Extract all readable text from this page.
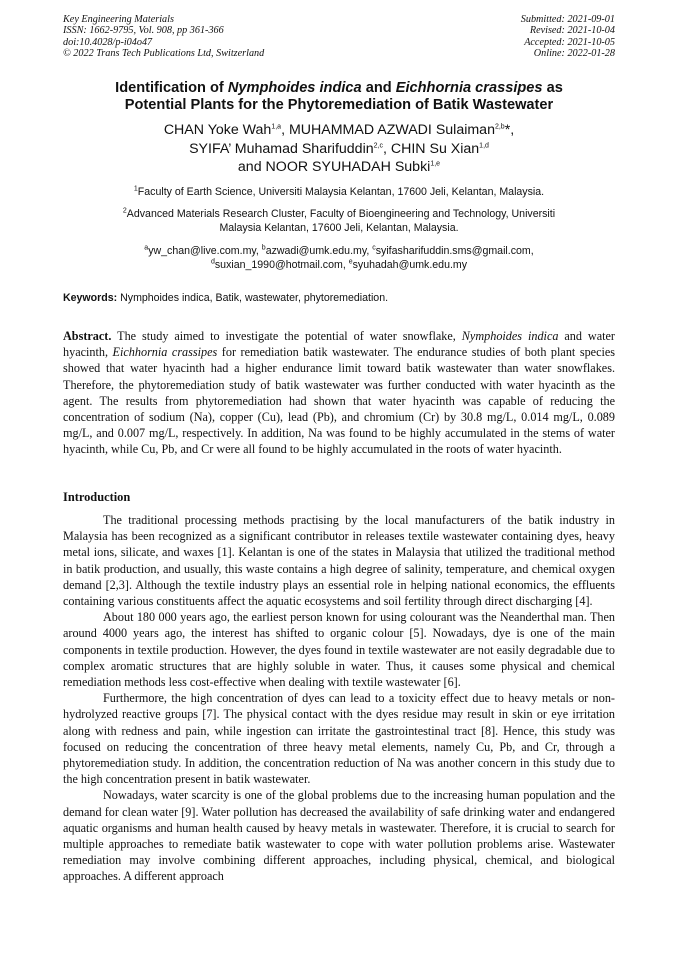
Key Engineering Materials
ISSN: 1662-9795, Vol. 908, pp 361-366
doi:10.4028/p-i04o47
© 2022 Trans Tech Publications Ltd, Switzerland
Submitted: 2021-09-01
Revised: 2021-10-04
Accepted: 2021-10-05
Online: 2022-01-28
Identification of Nymphoides indica and Eichhornia crassipes as
Potential Plants for the Phytoremediation of Batik Wastewater
CHAN Yoke Wah$^{1,a}$, MUHAMMAD AZWADI Sulaiman$^{2,b}$*,
SYIFA’ Muhamad Sharifuddin$^{2,c}$, CHIN Su Xian$^{1,d}$
and NOOR SYUHADAH Subki$^{1,e}$
$^1$Faculty of Earth Science, Universiti Malaysia Kelantan, 17600 Jeli, Kelantan, Malaysia.
$^2$Advanced Materials Research Cluster, Faculty of Bioengineering and Technology, Universiti
Malaysia Kelantan, 17600 Jeli, Kelantan, Malaysia.
$^a$yw_chan@live.com.my, $^b$azwadi@umk.edu.my, $^c$syifasharifuddin.sms@gmail.com,
$^d$suxian_1990@hotmail.com, $^e$syuhadah@umk.edu.my
Keywords: Nymphoides indica, Batik, wastewater, phytoremediation.
Abstract. The study aimed to investigate the potential of water snowflake, Nymphoides indica and water hyacinth, Eichhornia crassipes for remediation batik wastewater. The endurance studies of both plant species showed that water hyacinth had a higher endurance limit toward batik wastewater than water snowflakes. Therefore, the phytoremediation study of batik wastewater was further conducted with water hyacinth as the agent. The results from phytoremediation had shown that water hyacinth was capable of reducing the concentration of sodium (Na), copper (Cu), lead (Pb), and chromium (Cr) by 30.8 mg/L, 0.014 mg/L, 0.089 mg/L, and 0.007 mg/L, respectively. In addition, Na was found to be highly accumulated in the stems of water hyacinth, while Cu, Pb, and Cr were all found to be highly accumulated in the roots of water hyacinth.
Introduction

The traditional processing methods practising by the local manufacturers of the batik industry in Malaysia has been recognized as a significant contributor in releases textile wastewater containing dyes, heavy metal ions, silicate, and waxes [1]. Kelantan is one of the states in Malaysia that utilized the traditional method in batik production, and usually, this waste contains a high degree of salinity, temperature, and chemical oxygen demand [2,3]. Although the textile industry plays an essential role in helping national economics, the effluents containing various constituents affect the aquatic ecosystems and soil fertility through direct discharging [4].

About 180 000 years ago, the earliest person known for using colourant was the Neanderthal man. Then around 4000 years ago, the interest has shifted to organic colour [5]. Nowadays, dye is one of the main components in textile production. However, the dyes found in textile wastewater are not easily degradable due to complex aromatic structures that are highly soluble in water. Thus, it causes some physical and chemical remediation methods less cost-effective when dealing with textile wastewater [6].

Furthermore, the high concentration of dyes can lead to a toxicity effect due to heavy metals or non-hydrolyzed reactive groups [7]. The physical contact with the dyes residue may result in skin or eye irritation along with redness and pain, while ingestion can irritate the gastrointestinal tract [8]. Hence, this study was focused on reducing the concentration of three heavy metal elements, namely Cu, Pb, and Cr, through a phytoremediation study. In addition, the concentration reduction of Na was another concern in this study due to the high concentration present in batik wastewater.

Nowadays, water scarcity is one of the global problems due to the increasing human population and the demand for clean water [9]. Water pollution has decreased the availability of safe drinking water and endangered aquatic organisms and human health caused by heavy metals in wastewater. Therefore, it is crucial to search for multiple approaches to remediate batik wastewater to cope with water pollution problems arise. Wastewater remediation may involve combining different approaches, including physical, chemical, and biological approaches. A different approach
